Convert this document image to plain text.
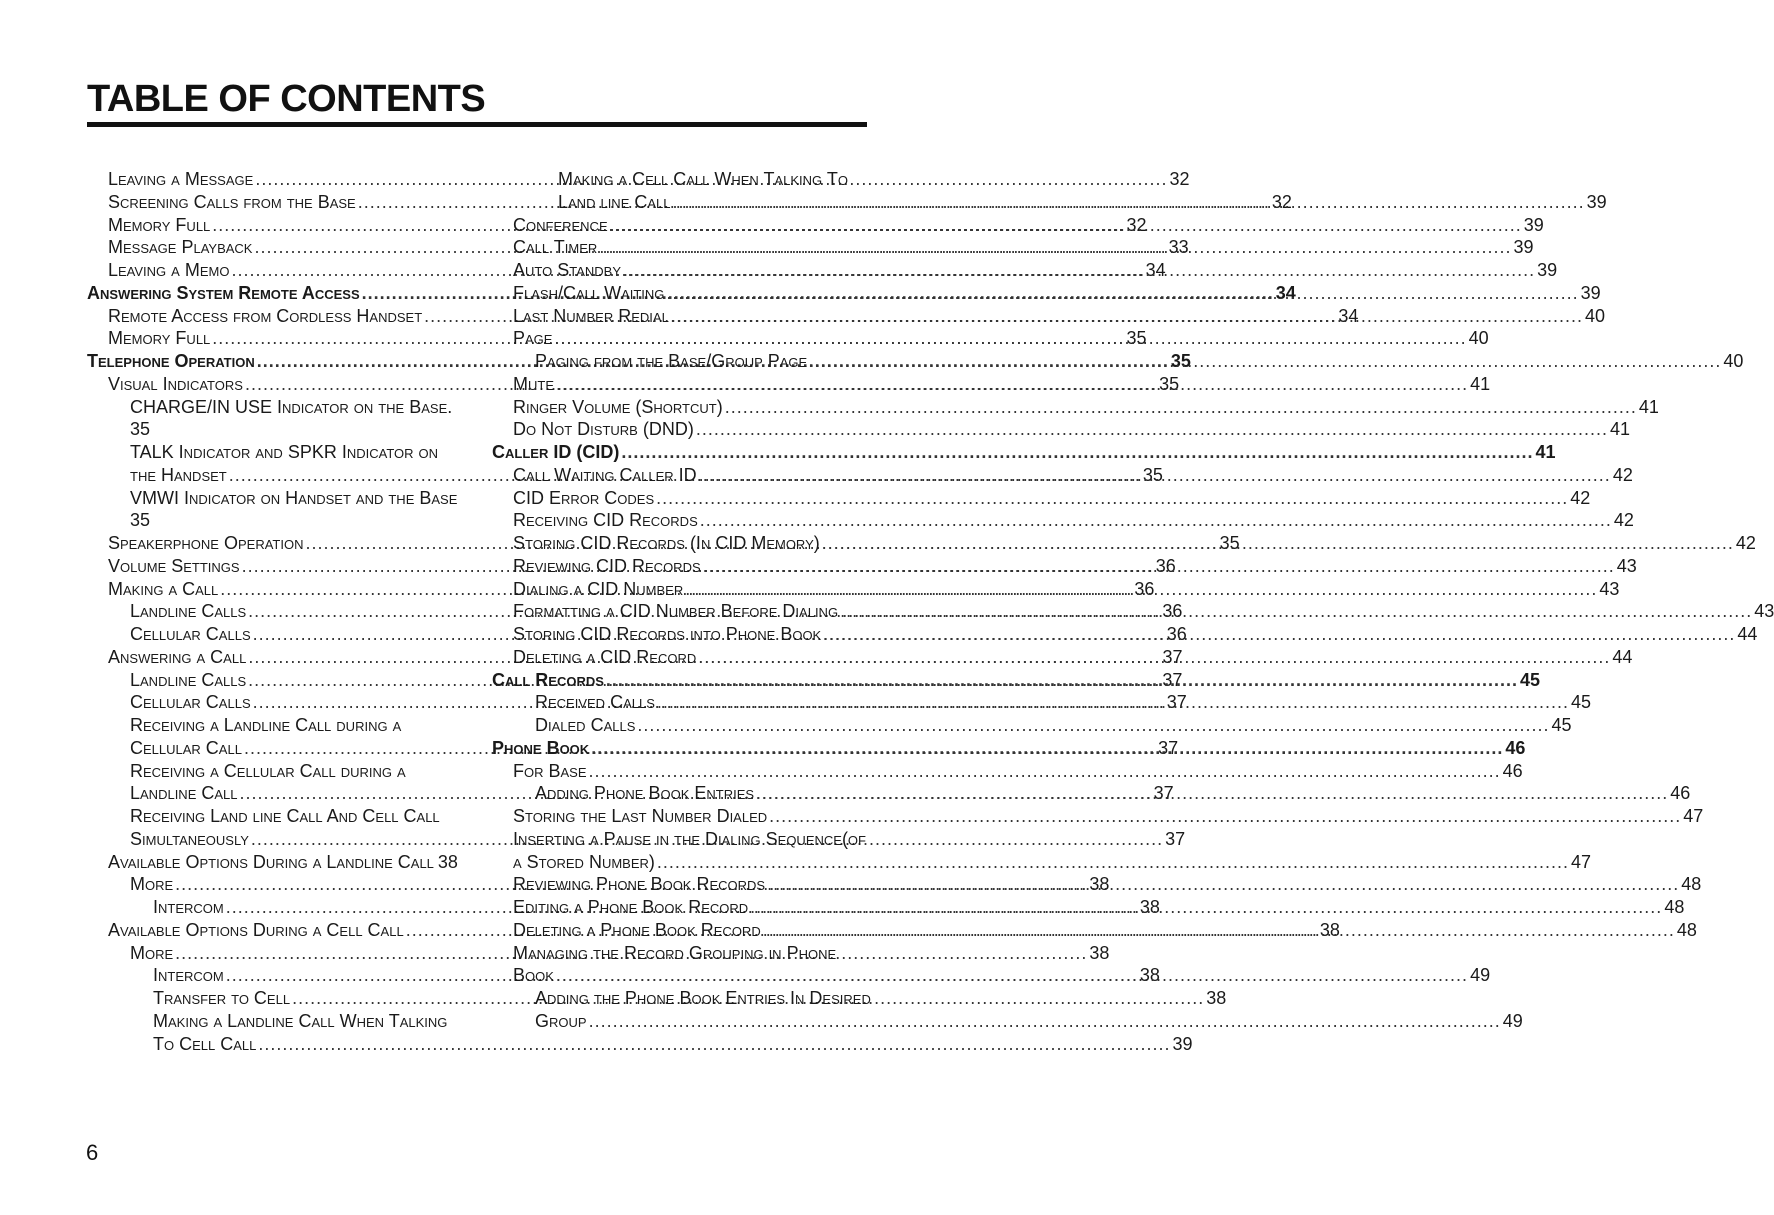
TABLE OF CONTENTS
Leaving a Message .....	32
Screening Calls from the Base .....	32
Memory Full .....	32
Message Playback .....	33
Leaving a Memo .....	34
Answering System Remote Access .....	34
Remote Access from Cordless Handset .....	34
Memory Full .....	35
Telephone Operation .....	35
Visual Indicators .....	35
CHARGE/IN USE Indicator on the Base.
35
TALK Indicator and SPKR Indicator on
the Handset .....	35
VMWI Indicator on Handset and the Base
35
Speakerphone Operation .....	35
Volume Settings .....	36
Making a Call .....	36
Landline Calls .....	36
Cellular Calls .....	36
Answering a Call .....	37
Landline Calls .....	37
Cellular Calls .....	37
Receiving a Landline Call during a
Cellular Call .....	37
Receiving a Cellular Call during a
Landline Call .....	37
Receiving Land line Call And Cell Call
Simultaneously .....	37
Available Options During a Landline Call 38
More .....	38
Intercom .....	38
Available Options During a Cell Call .....	38
More .....	38
Intercom .....	38
Transfer to Cell .....	38
Making a Landline Call When Talking
To Cell Call .....	39
Making a Cell Call When Talking To
Land line Call .....	39
Conference .....	39
Call Timer .....	39
Auto Standby .....	39
Flash/Call Waiting .....	39
Last Number Redial .....	40
Page .....	40
Paging from the Base/Group Page .....	40
Mute .....	41
Ringer Volume (Shortcut) .....	41
Do Not Disturb (DND) .....	41
Caller ID (CID) .....	41
Call Waiting Caller ID .....	42
CID Error Codes .....	42
Receiving CID Records .....	42
Storing CID Records (In CID Memory) .....	42
Reviewing CID Records .....	43
Dialing a CID Number .....	43
Formatting a CID Number Before Dialing .....	43
Storing CID Records into Phone Book .....	44
Deleting a CID Record .....	44
Call Records .....	45
Received Calls .....	45
Dialed Calls .....	45
Phone Book .....	46
For Base .....	46
Adding Phone Book Entries .....	46
Storing the Last Number Dialed .....	47
Inserting a Pause in the Dialing Sequence(of
a Stored Number) .....	47
Reviewing Phone Book Records .....	48
Editing a Phone Book Record .....	48
Deleting a Phone Book Record .....	48
Managing the Record Grouping in Phone
Book .....	49
Adding the Phone Book Entries In Desired
Group .....	49
6
